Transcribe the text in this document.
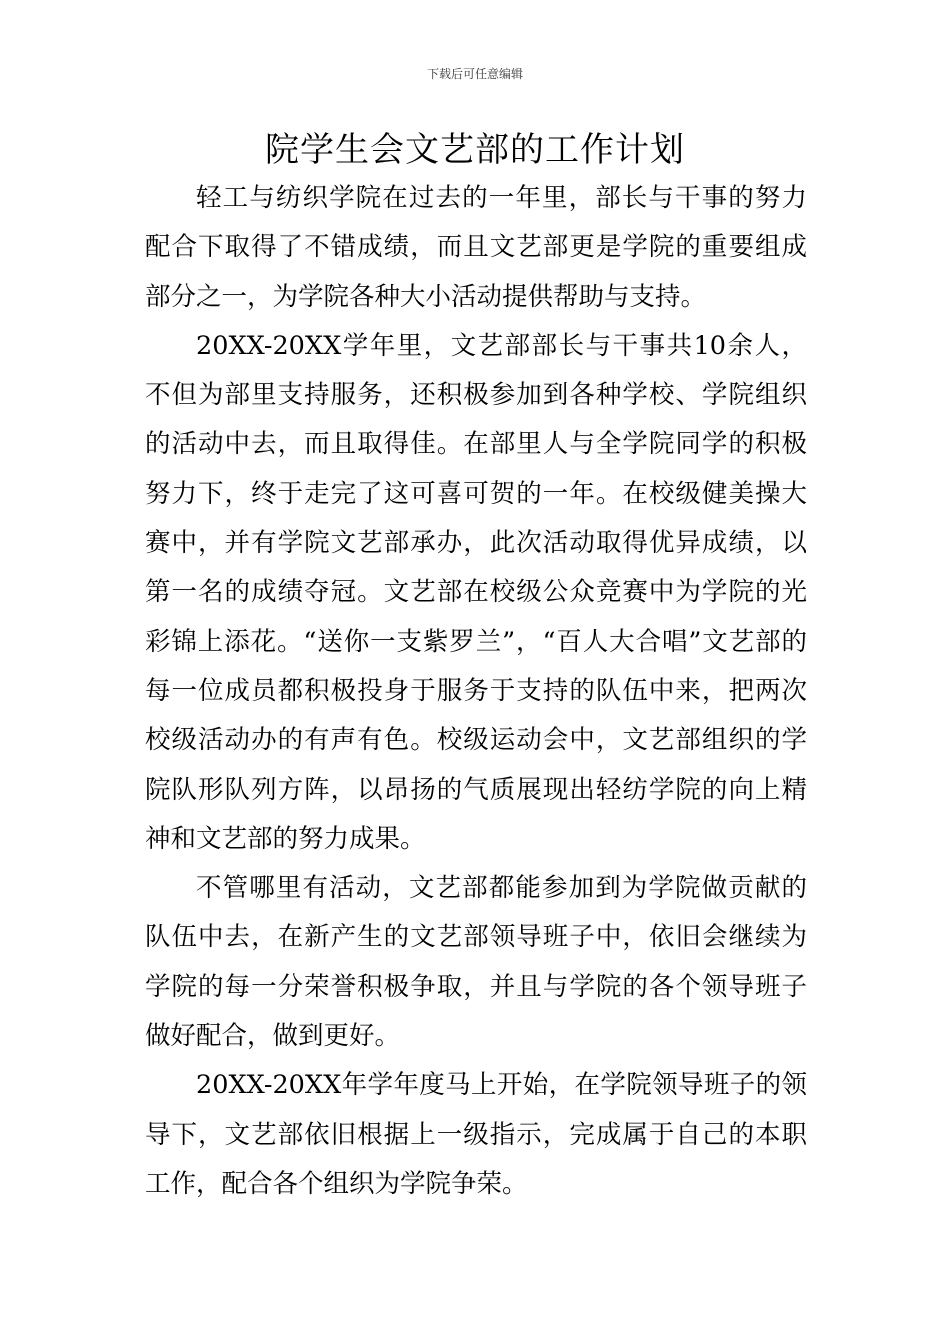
下载后可任意编辑
院学生会文艺部的工作计划

轻工与纺织学院在过去的一年里，部长与干事的努力配合下取得了不错成绩，而且文艺部更是学院的重要组成部分之一，为学院各种大小活动提供帮助与支持。

20XX-20XX学年里，文艺部部长与干事共10余人，不但为部里支持服务，还积极参加到各种学校、学院组织的活动中去，而且取得佳。在部里人与全学院同学的积极努力下，终于走完了这可喜可贺的一年。在校级健美操大赛中，并有学院文艺部承办，此次活动取得优异成绩，以第一名的成绩夺冠。文艺部在校级公众竞赛中为学院的光彩锦上添花。“送你一支紫罗兰”，“百人大合唱”文艺部的每一位成员都积极投身于服务于支持的队伍中来，把两次校级活动办的有声有色。校级运动会中，文艺部组织的学院队形队列方阵，以昂扬的气质展现出轻纺学院的向上精神和文艺部的努力成果。

不管哪里有活动，文艺部都能参加到为学院做贡献的队伍中去，在新产生的文艺部领导班子中，依旧会继续为学院的每一分荣誉积极争取，并且与学院的各个领导班子做好配合，做到更好。

20XX-20XX年学年度马上开始，在学院领导班子的领导下，文艺部依旧根据上一级指示，完成属于自己的本职工作，配合各个组织为学院争荣。
